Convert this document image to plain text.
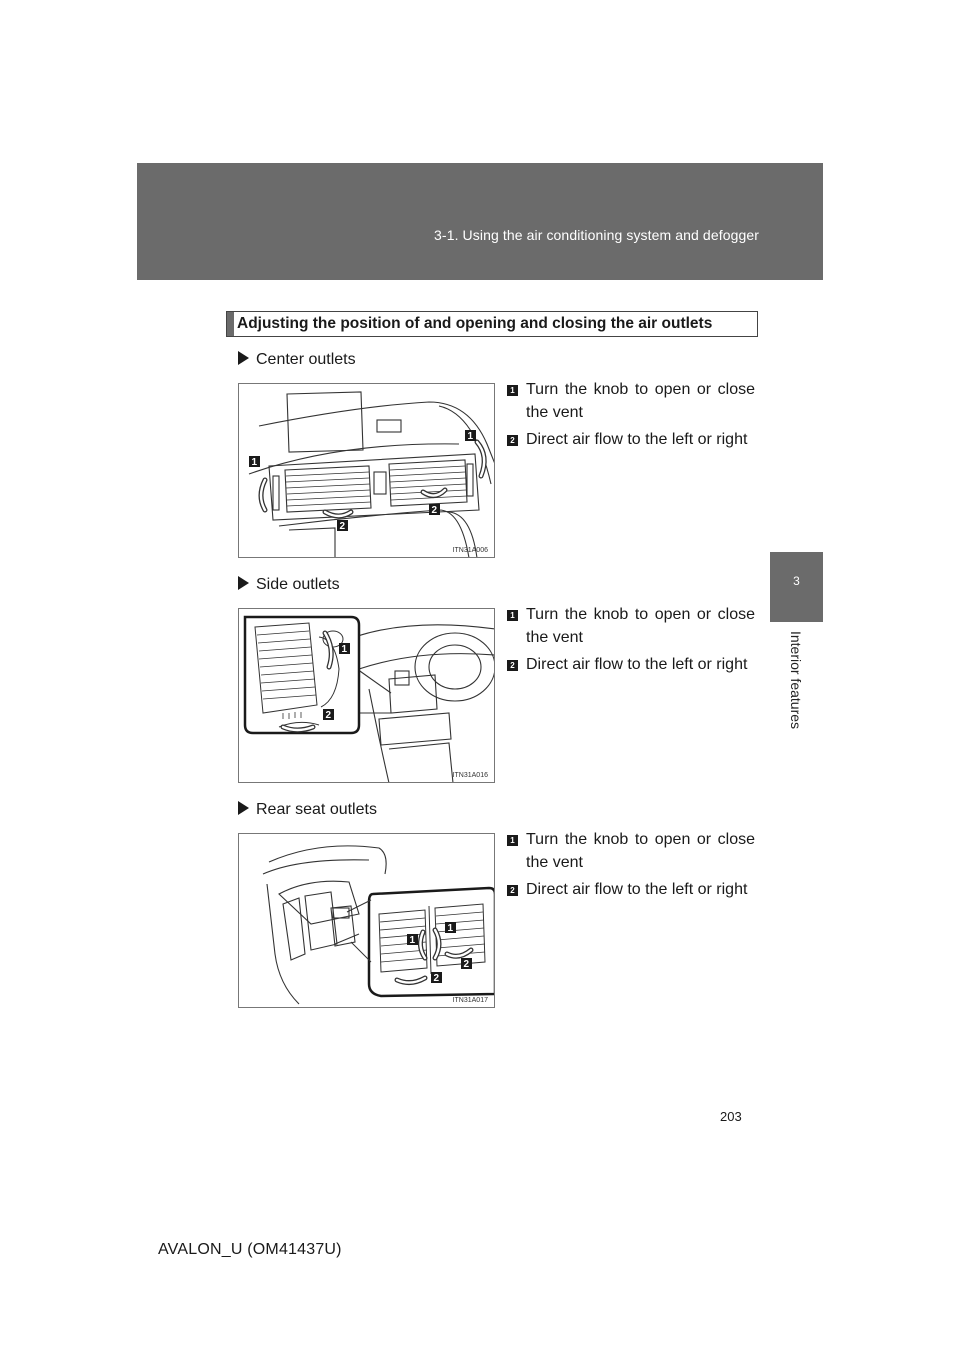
3-1. Using the air conditioning system and defogger
3
Interior features
Adjusting the position of and opening and closing the air outlets
Center outlets
1
1
2
2
ITN31A006
1 Turn the knob to open or close the vent
2 Direct air flow to the left or right
Side outlets
1
2
ITN31A016
1 Turn the knob to open or close the vent
2 Direct air flow to the left or right
Rear seat outlets
1
1
2
2
ITN31A017
1 Turn the knob to open or close the vent
2 Direct air flow to the left or right
203
AVALON_U (OM41437U)
